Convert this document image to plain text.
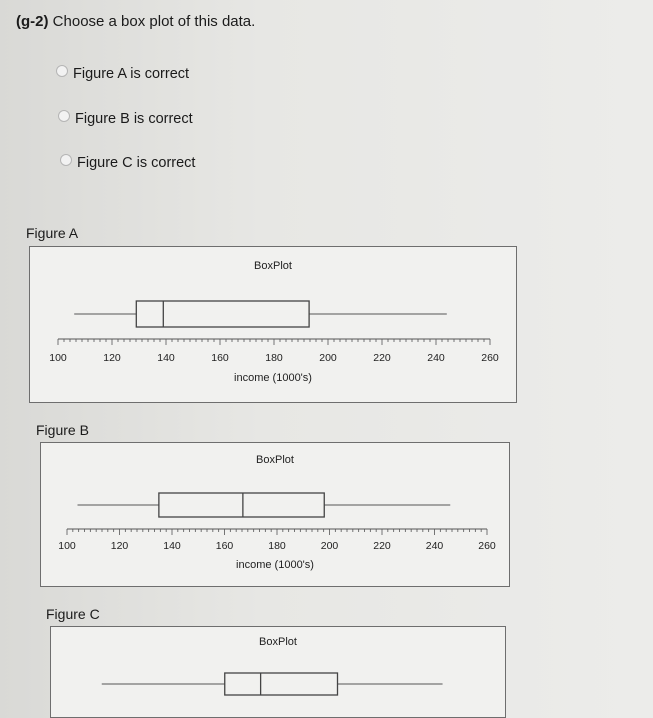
(g-2) Choose a box plot of this data.
Figure A is correct
Figure B is correct
Figure C is correct
Figure A
BoxPlot
100	120	140	160	180	200	220	240	260
income (1000's)
Figure B
BoxPlot
100	120	140	160	180	200	220	240	260
income (1000's)
Figure C
BoxPlot
